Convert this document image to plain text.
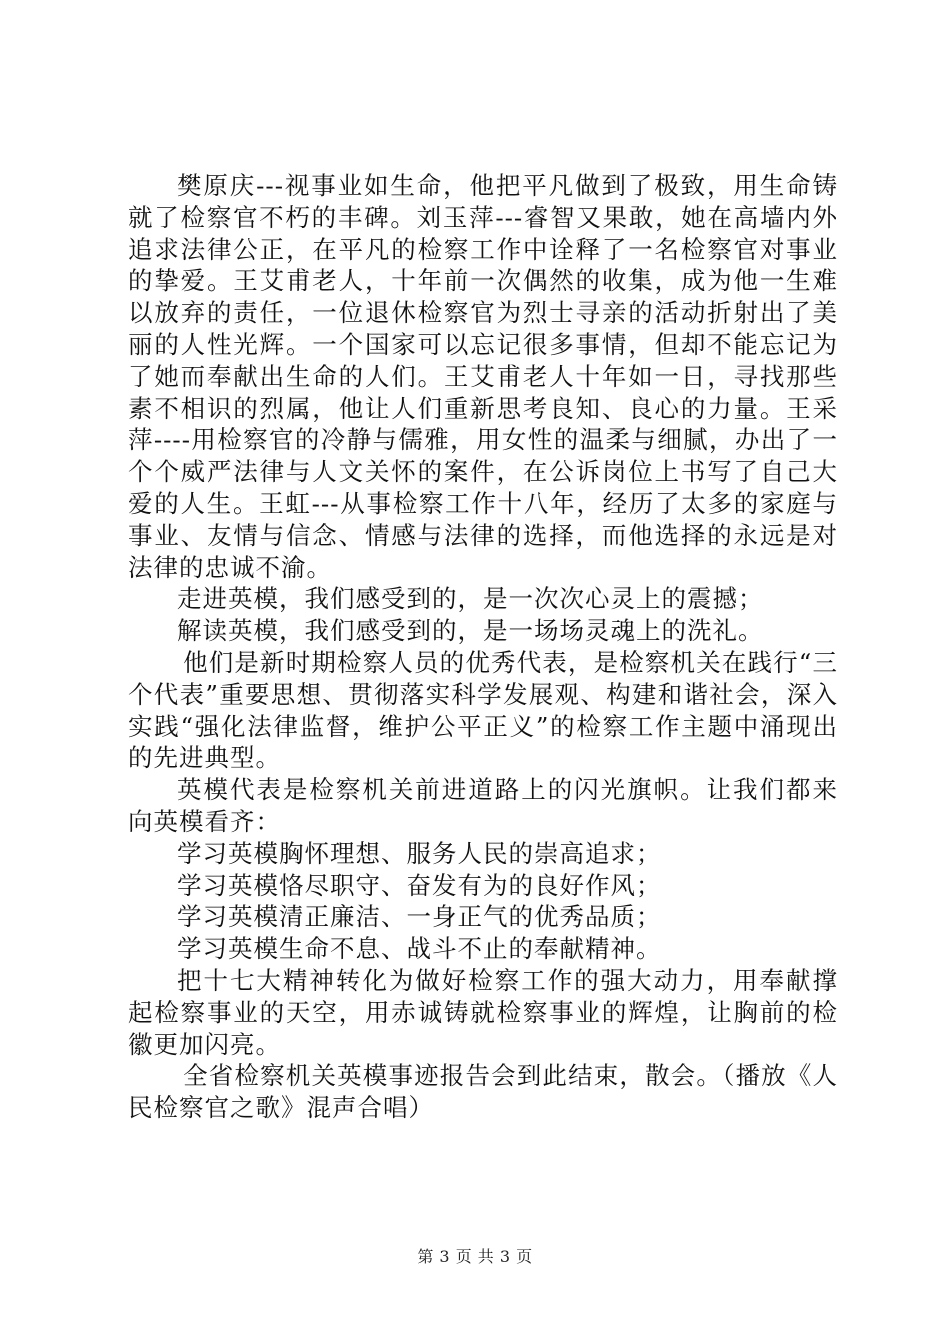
樊原庆---视事业如生命，他把平凡做到了极致，用生命铸就了检察官不朽的丰碑。刘玉萍---睿智又果敢，她在高墙内外追求法律公正，在平凡的检察工作中诠释了一名检察官对事业的挚爱。王艾甫老人，十年前一次偶然的收集，成为他一生难以放弃的责任，一位退休检察官为烈士寻亲的活动折射出了美丽的人性光辉。一个国家可以忘记很多事情，但却不能忘记为了她而奉献出生命的人们。王艾甫老人十年如一日，寻找那些素不相识的烈属，他让人们重新思考良知、良心的力量。王采萍----用检察官的冷静与儒雅，用女性的温柔与细腻，办出了一个个威严法律与人文关怀的案件，在公诉岗位上书写了自己大爱的人生。王虹---从事检察工作十八年，经历了太多的家庭与事业、友情与信念、情感与法律的选择，而他选择的永远是对法律的忠诚不渝。

走进英模，我们感受到的，是一次次心灵上的震撼；

解读英模，我们感受到的，是一场场灵魂上的洗礼。

他们是新时期检察人员的优秀代表，是检察机关在践行“三个代表”重要思想、贯彻落实科学发展观、构建和谐社会，深入实践“强化法律监督，维护公平正义”的检察工作主题中涌现出的先进典型。

英模代表是检察机关前进道路上的闪光旗帜。让我们都来向英模看齐：

学习英模胸怀理想、服务人民的崇高追求；

学习英模恪尽职守、奋发有为的良好作风；

学习英模清正廉洁、一身正气的优秀品质；

学习英模生命不息、战斗不止的奉献精神。

把十七大精神转化为做好检察工作的强大动力，用奉献撑起检察事业的天空，用赤诚铸就检察事业的辉煌，让胸前的检徽更加闪亮。

全省检察机关英模事迹报告会到此结束，散会。（播放《人民检察官之歌》混声合唱）

第 3 页 共 3 页
